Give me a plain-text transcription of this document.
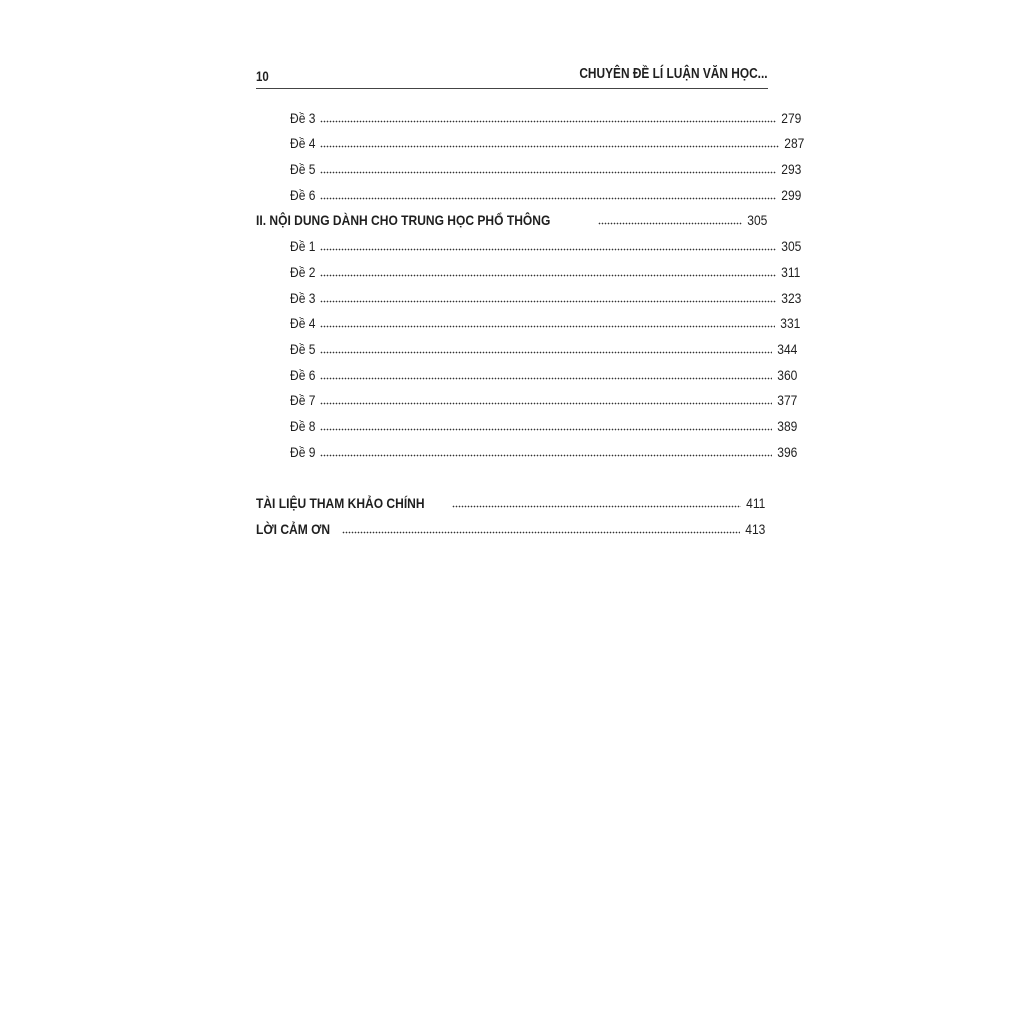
10	CHUYÊN ĐỀ LÍ LUẬN VĂN HỌC...
Đề 3	279
Đề 4	287
Đề 5	293
Đề 6	299
II. NỘI DUNG DÀNH CHO TRUNG HỌC PHỔ THÔNG	305
Đề 1	305
Đề 2	311
Đề 3	323
Đề 4	331
Đề 5	344
Đề 6	360
Đề 7	377
Đề 8	389
Đề 9	396
TÀI LIỆU THAM KHẢO CHÍNH	411
LỜI CẢM ƠN	413
